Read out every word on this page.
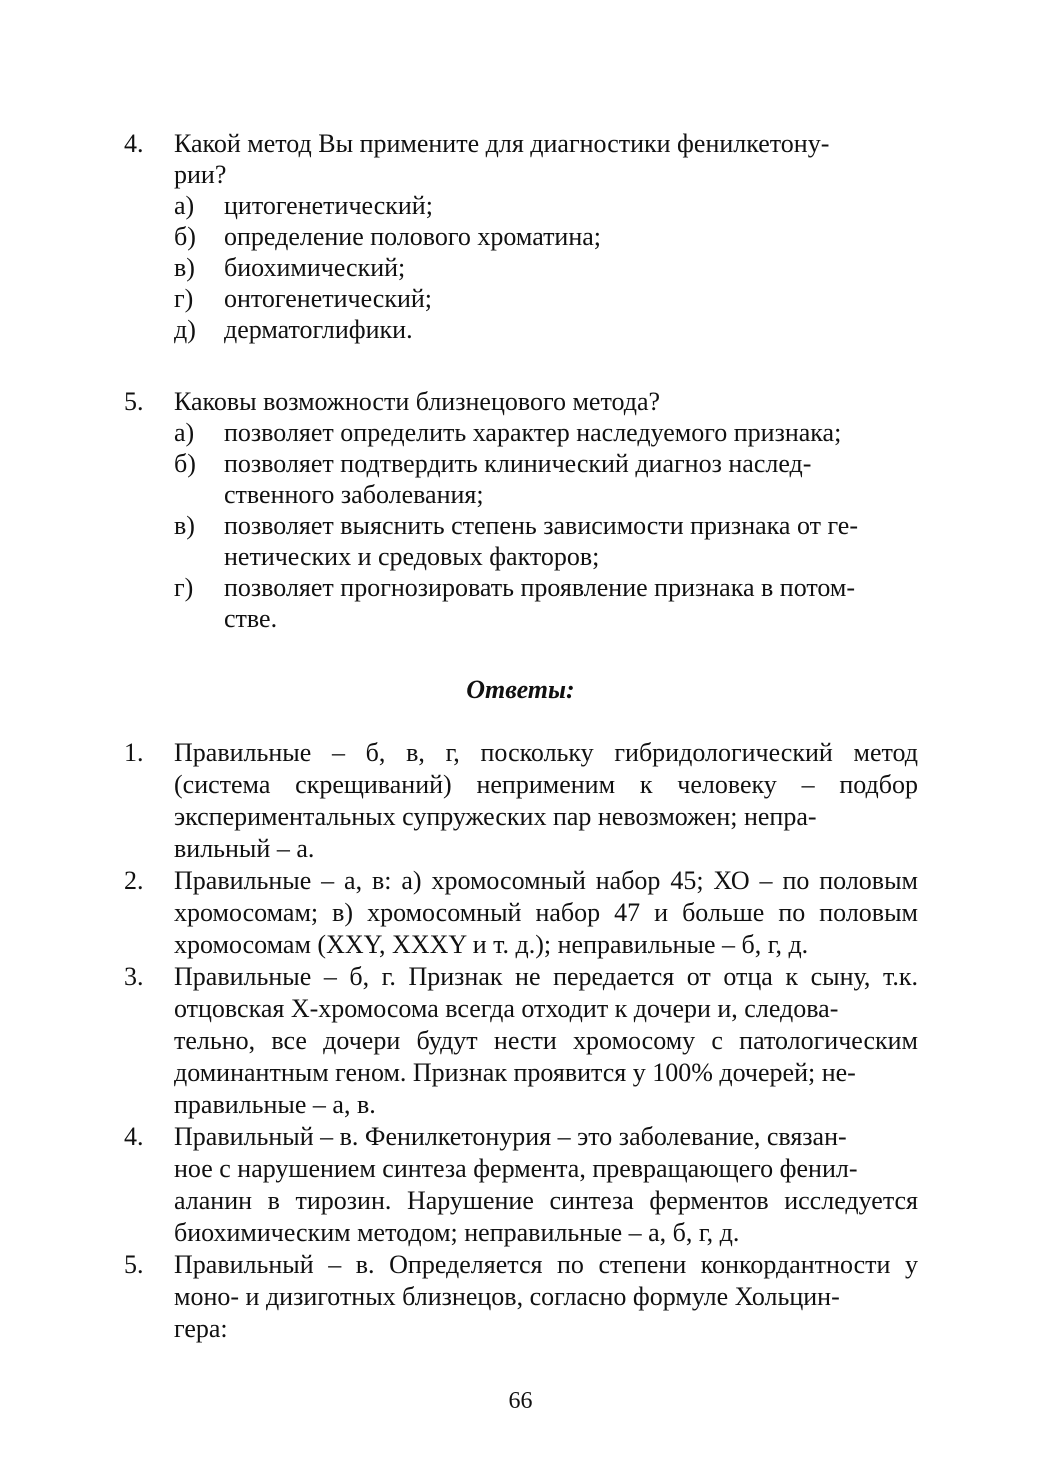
4.	Какой метод Вы примените для диагностики фенилкетону-
рии?
а) цитогенетический;
б) определение полового хроматина;
в) биохимический;
г) онтогенетический;
д) дерматоглифики.
5.	Каковы возможности близнецового метода?
а) позволяет определить характер наследуемого признака;
б) позволяет подтвердить клинический диагноз наслед-
ственного заболевания;
в) позволяет выяснить степень зависимости признака от ге-
нетических и средовых факторов;
г) позволяет прогнозировать проявление признака в потом-
стве.
Ответы:
1. Правильные – б, в, г, поскольку гибридологический метод (система скрещиваний) неприменим к человеку – подбор экспериментальных супружеских пар невозможен; непра-
вильный – а.
2. Правильные – а, в: а) хромосомный набор 45; ХО – по половым хромосомам; в) хромосомный набор 47 и больше по половым хромосомам (XXY, XXXY и т. д.); неправильные – б, г, д.
3. Правильные – б, г. Признак не передается от отца к сыну, т.к. отцовская Х-хромосома всегда отходит к дочери и, следова-
тельно, все дочери будут нести хромосому с патологическим доминантным геном. Признак проявится у 100% дочерей; не-
правильные – а, в.
4. Правильный – в. Фенилкетонурия – это заболевание, связан-
ное с нарушением синтеза фермента, превращающего фенил-
аланин в тирозин. Нарушение синтеза ферментов исследуется биохимическим методом; неправильные – а, б, г, д.
5. Правильный – в. Определяется по степени конкордантности у моно- и дизиготных близнецов, согласно формуле Хольцин-
гера:
66
